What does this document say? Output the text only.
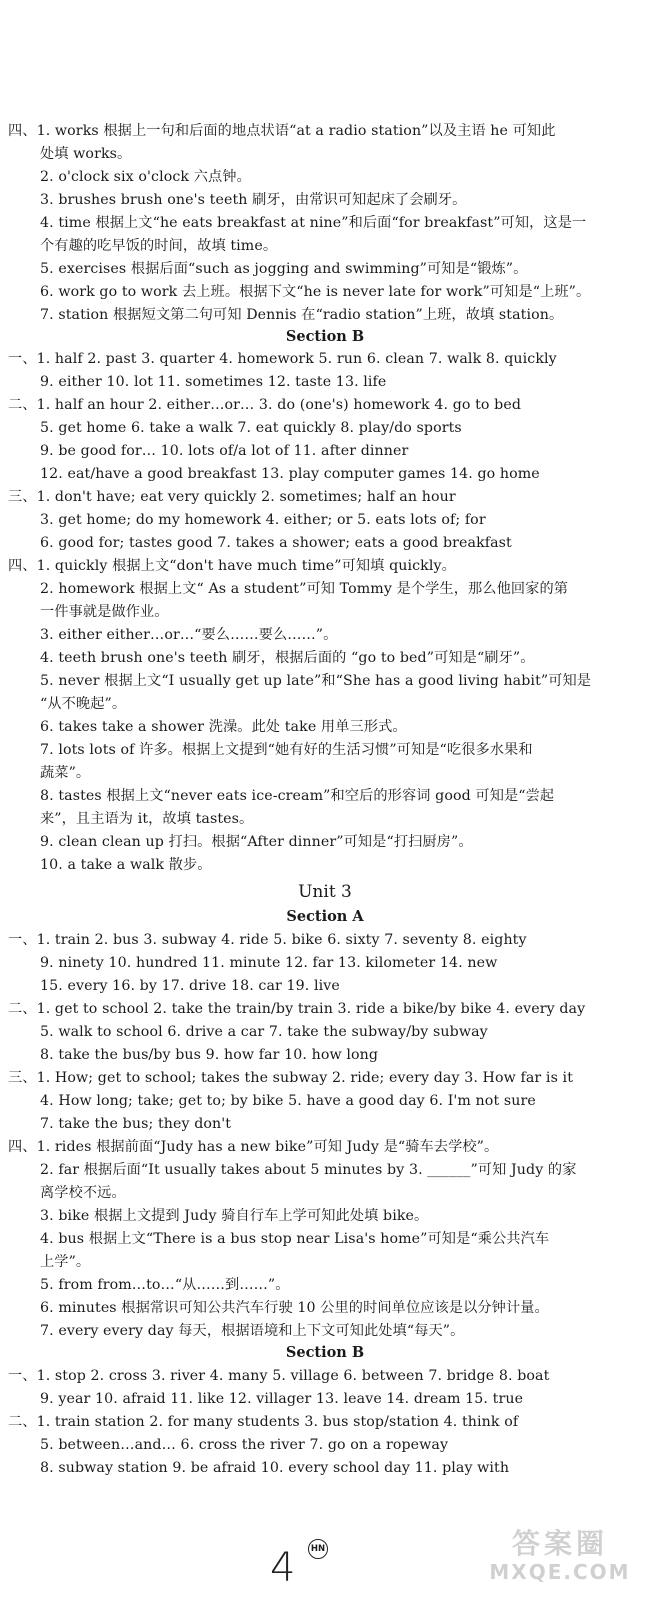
四、1. works 根据上一句和后面的地点状语“at a radio station”以及主语 he 可知此
处填 works。
2. o'clock six o'clock 六点钟。
3. brushes brush one's teeth 刷牙，由常识可知起床了会刷牙。
4. time 根据上文“he eats breakfast at nine”和后面“for breakfast”可知，这是一
个有趣的吃早饭的时间，故填 time。
5. exercises 根据后面“such as jogging and swimming”可知是“锻炼”。
6. work go to work 去上班。根据下文“he is never late for work”可知是“上班”。
7. station 根据短文第二句可知 Dennis 在“radio station”上班，故填 station。
Section B
一、1. half 2. past 3. quarter 4. homework 5. run 6. clean 7. walk 8. quickly
9. either 10. lot 11. sometimes 12. taste 13. life
二、1. half an hour 2. either…or… 3. do (one's) homework 4. go to bed
5. get home 6. take a walk 7. eat quickly 8. play/do sports
9. be good for… 10. lots of/a lot of 11. after dinner
12. eat/have a good breakfast 13. play computer games 14. go home
三、1. don't have; eat very quickly 2. sometimes; half an hour
3. get home; do my homework 4. either; or 5. eats lots of; for
6. good for; tastes good 7. takes a shower; eats a good breakfast
四、1. quickly 根据上文“don't have much time”可知填 quickly。
2. homework 根据上文“ As a student”可知 Tommy 是个学生，那么他回家的第
一件事就是做作业。
3. either either…or…“要么……要么……”。
4. teeth brush one's teeth 刷牙，根据后面的 “go to bed”可知是“刷牙”。
5. never 根据上文“I usually get up late”和“She has a good living habit”可知是
“从不晚起”。
6. takes take a shower 洗澡。此处 take 用单三形式。
7. lots lots of 许多。根据上文提到“她有好的生活习惯”可知是“吃很多水果和
蔬菜”。
8. tastes 根据上文“never eats ice-cream”和空后的形容词 good 可知是“尝起
来”，且主语为 it，故填 tastes。
9. clean clean up 打扫。根据“After dinner”可知是“打扫厨房”。
10. a take a walk 散步。
Unit 3
Section A
一、1. train 2. bus 3. subway 4. ride 5. bike 6. sixty 7. seventy 8. eighty
9. ninety 10. hundred 11. minute 12. far 13. kilometer 14. new
15. every 16. by 17. drive 18. car 19. live
二、1. get to school 2. take the train/by train 3. ride a bike/by bike 4. every day
5. walk to school 6. drive a car 7. take the subway/by subway
8. take the bus/by bus 9. how far 10. how long
三、1. How; get to school; takes the subway 2. ride; every day 3. How far is it
4. How long; take; get to; by bike 5. have a good day 6. I'm not sure
7. take the bus; they don't
四、1. rides 根据前面“Judy has a new bike”可知 Judy 是“骑车去学校”。
2. far 根据后面“It usually takes about 5 minutes by 3. ______”可知 Judy 的家
离学校不远。
3. bike 根据上文提到 Judy 骑自行车上学可知此处填 bike。
4. bus 根据上文“There is a bus stop near Lisa's home”可知是“乘公共汽车
上学”。
5. from from…to…“从……到……”。
6. minutes 根据常识可知公共汽车行驶 10 公里的时间单位应该是以分钟计量。
7. every every day 每天，根据语境和上下文可知此处填“每天”。
Section B
一、1. stop 2. cross 3. river 4. many 5. village 6. between 7. bridge 8. boat
9. year 10. afraid 11. like 12. villager 13. leave 14. dream 15. true
二、1. train station 2. for many students 3. bus stop/station 4. think of
5. between…and… 6. cross the river 7. go on a ropeway
8. subway station 9. be afraid 10. every school day 11. play with
4	HN	答案圈
MXQE.COM
